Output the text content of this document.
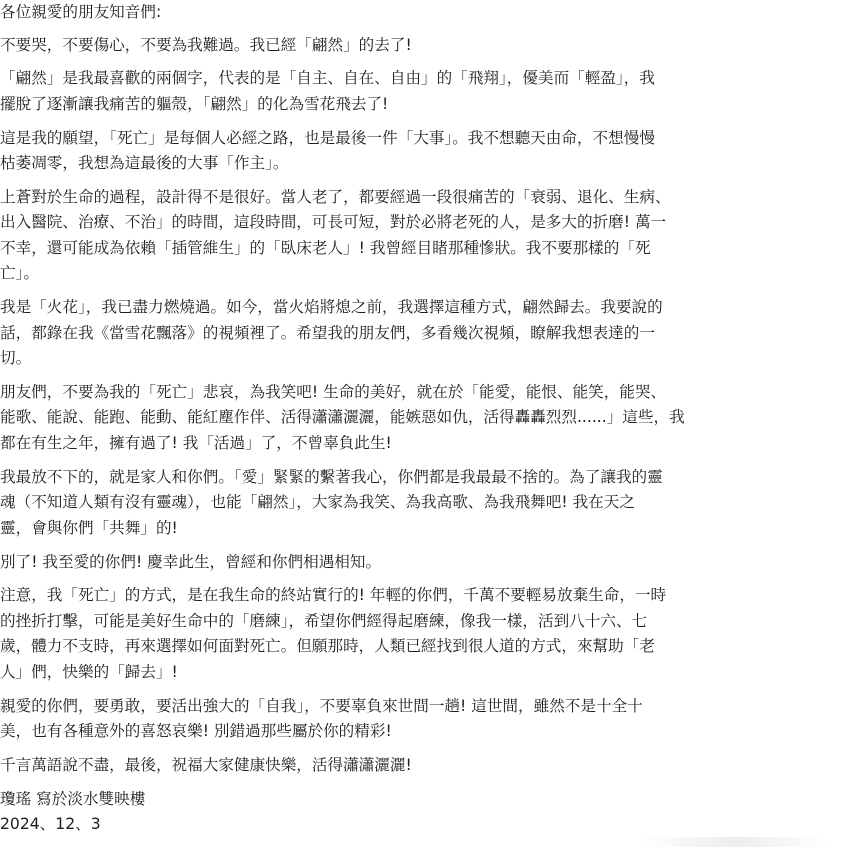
各位親愛的朋友知音們:

不要哭，不要傷心，不要為我難過。我已經「翩然」的去了!
「翩然」是我最喜歡的兩個字，代表的是「自主、自在、自由」的「飛翔」，優美而「輕盈」，我
擺脫了逐漸讓我痛苦的軀殼，「翩然」的化為雪花飛去了!
這是我的願望，「死亡」是每個人必經之路，也是最後一件「大事」。我不想聽天由命，不想慢慢
枯萎凋零，我想為這最後的大事「作主」。
上蒼對於生命的過程，設計得不是很好。當人老了，都要經過一段很痛苦的「衰弱、退化、生病、
出入醫院、治療、不治」的時間，這段時間，可長可短，對於必將老死的人，是多大的折磨! 萬一
不幸，還可能成為依賴「插管維生」的「臥床老人」! 我曾經目睹那種慘狀。我不要那樣的「死
亡」。
我是「火花」，我已盡力燃燒過。如今，當火焰將熄之前，我選擇這種方式，翩然歸去。我要說的
話，都錄在我《當雪花飄落》的視頻裡了。希望我的朋友們，多看幾次視頻，瞭解我想表達的一
切。
朋友們，不要為我的「死亡」悲哀，為我笑吧! 生命的美好，就在於「能愛，能恨、能笑，能哭、
能歌、能說、能跑、能動、能紅塵作伴、活得瀟瀟灑灑，能嫉惡如仇，活得轟轟烈烈......」這些，我
都在有生之年，擁有過了! 我「活過」了，不曾辜負此生!
我最放不下的，就是家人和你們。「愛」緊緊的繫著我心，你們都是我最最不捨的。為了讓我的靈
魂（不知道人類有沒有靈魂），也能「翩然」，大家為我笑、為我高歌、為我飛舞吧! 我在天之
靈，會與你們「共舞」的!
別了! 我至愛的你們! 慶幸此生，曾經和你們相遇相知。
注意，我「死亡」的方式，是在我生命的終站實行的! 年輕的你們，千萬不要輕易放棄生命，一時
的挫折打擊，可能是美好生命中的「磨練」，希望你們經得起磨練，像我一樣，活到八十六、七
歲，體力不支時，再來選擇如何面對死亡。但願那時，人類已經找到很人道的方式，來幫助「老
人」們，快樂的「歸去」!
親愛的你們，要勇敢，要活出強大的「自我」，不要辜負來世間一趟! 這世間，雖然不是十全十
美，也有各種意外的喜怒哀樂! 別錯過那些屬於你的精彩!
千言萬語說不盡，最後，祝福大家健康快樂，活得瀟瀟灑灑!

瓊瑤 寫於淡水雙映樓

2024、12、3
